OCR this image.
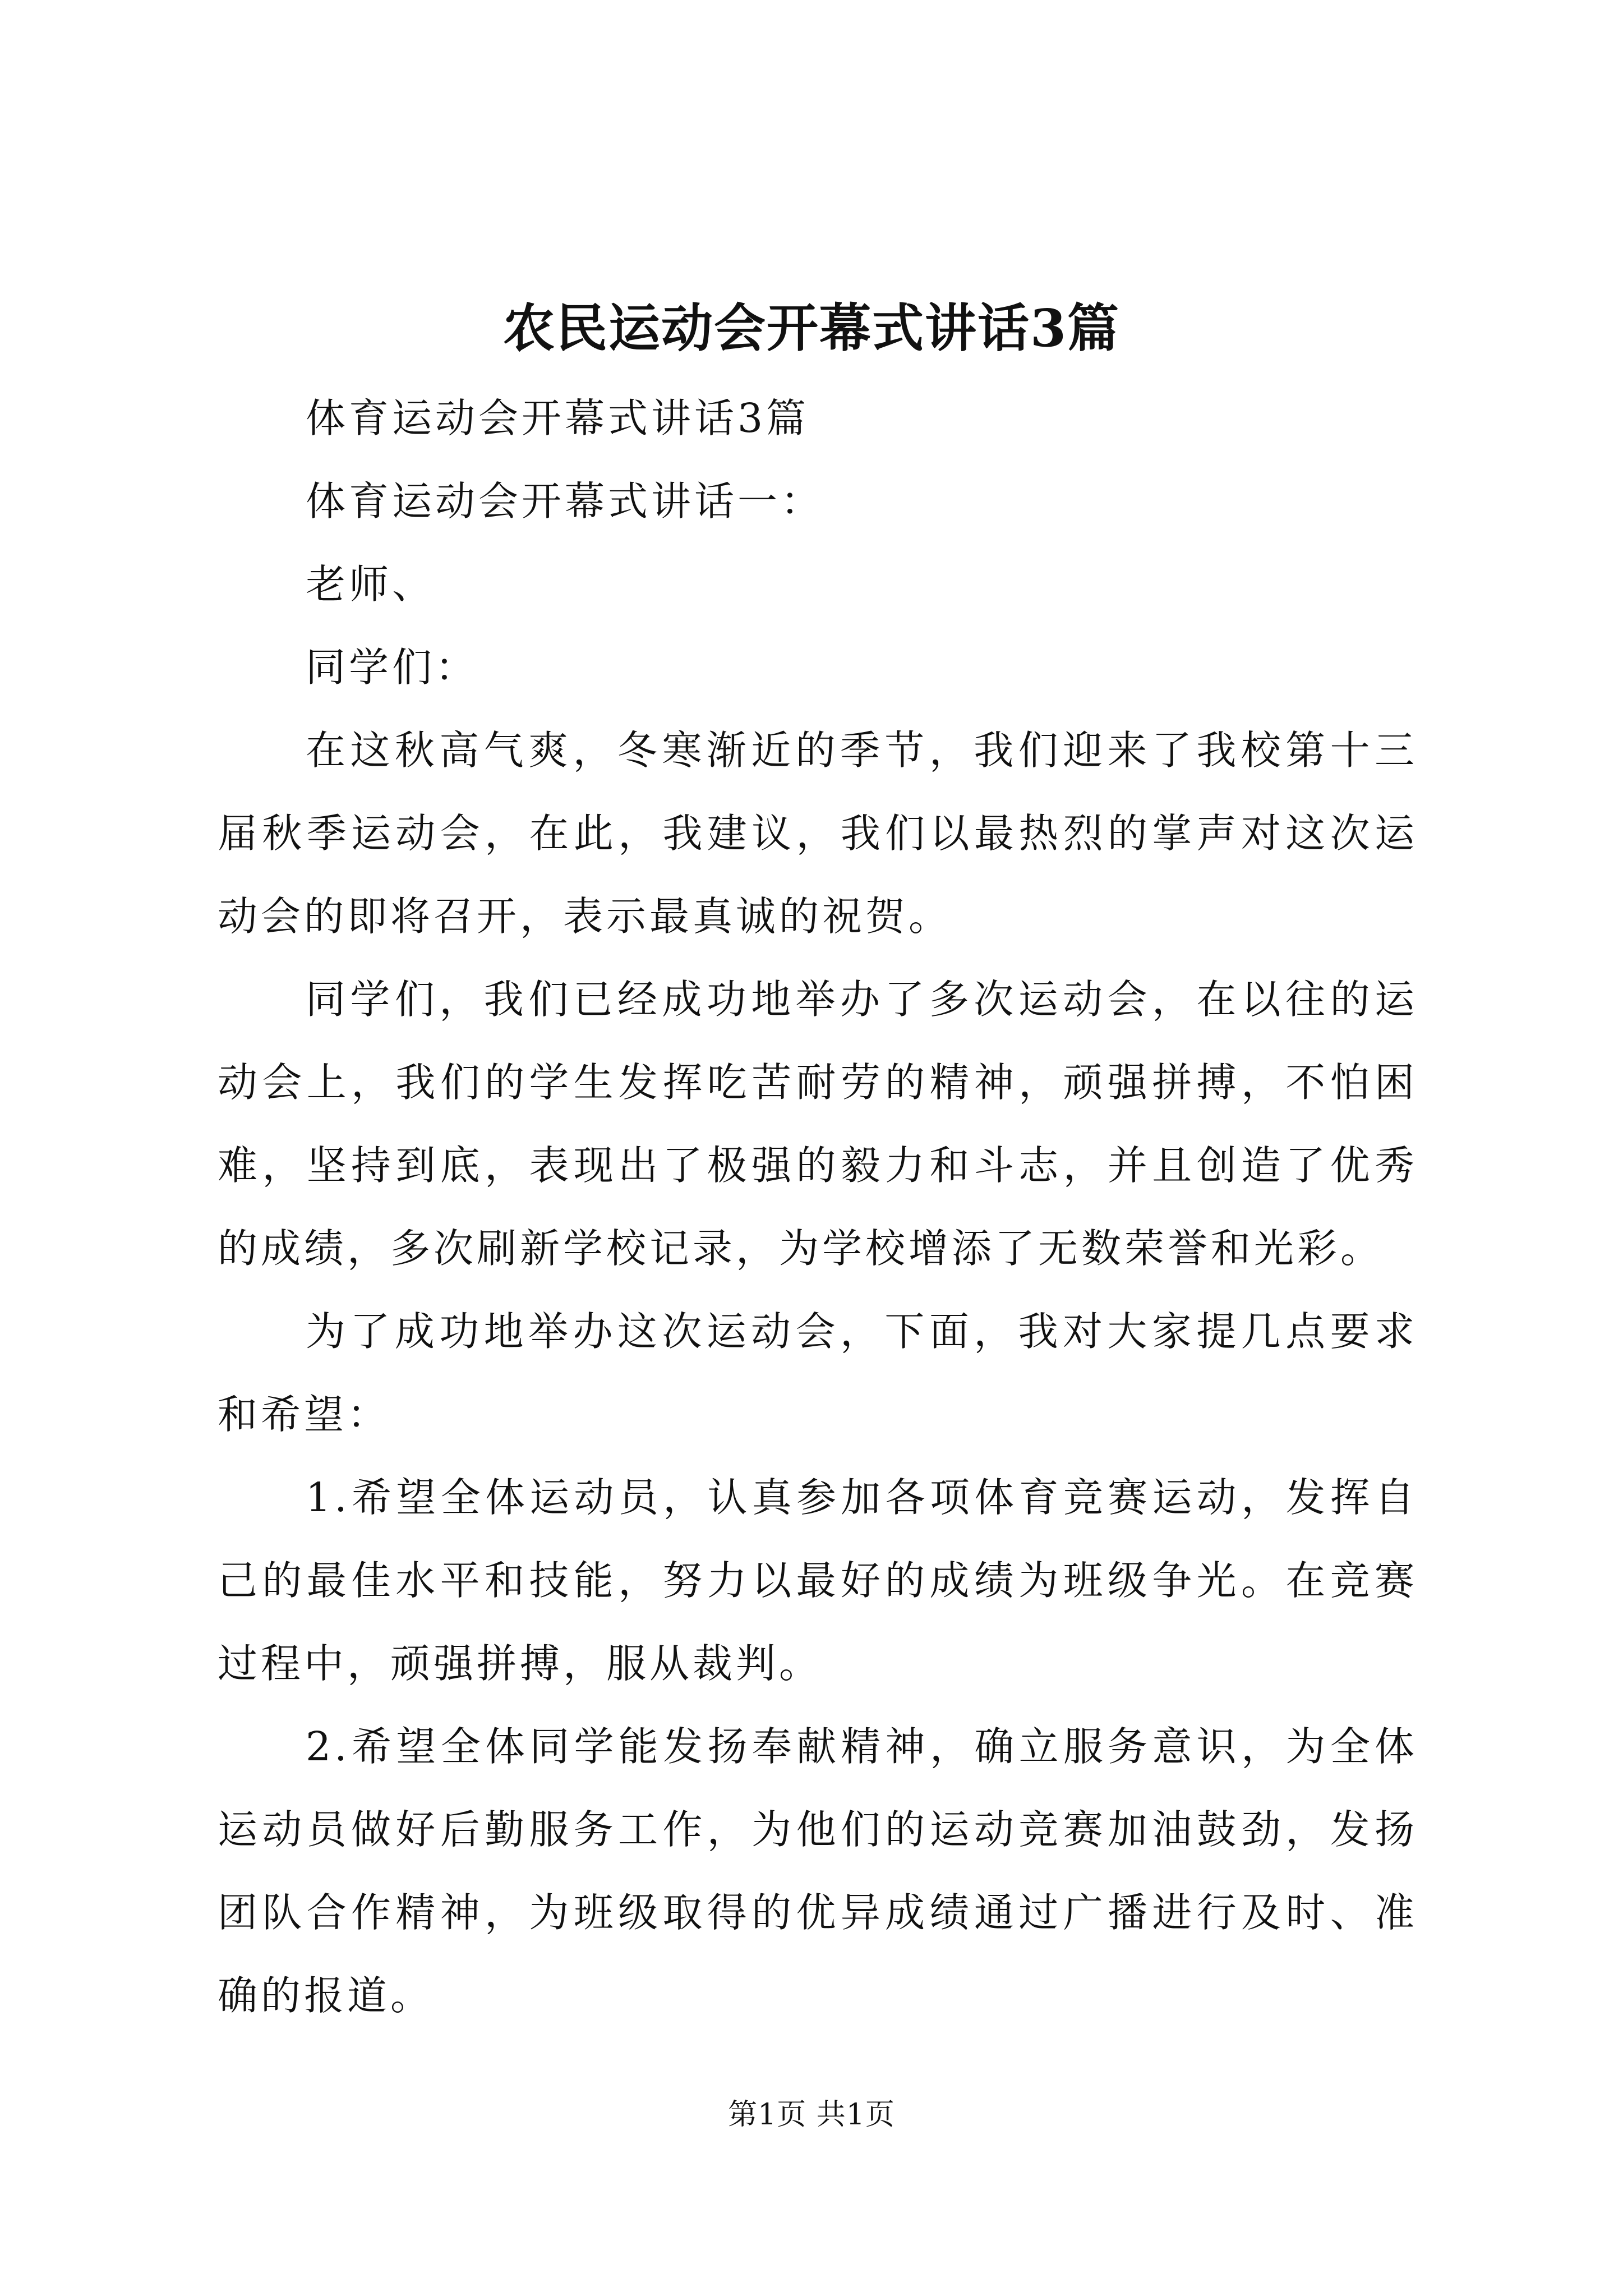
农民运动会开幕式讲话3篇

体育运动会开幕式讲话3篇

体育运动会开幕式讲话一：

老师、

同学们：

在这秋高气爽，冬寒渐近的季节，我们迎来了我校第十三届秋季运动会，在此，我建议，我们以最热烈的掌声对这次运动会的即将召开，表示最真诚的祝贺。

同学们，我们已经成功地举办了多次运动会，在以往的运动会上，我们的学生发挥吃苦耐劳的精神，顽强拼搏，不怕困难，坚持到底，表现出了极强的毅力和斗志，并且创造了优秀的成绩，多次刷新学校记录，为学校增添了无数荣誉和光彩。

为了成功地举办这次运动会，下面，我对大家提几点要求和希望：

1.希望全体运动员，认真参加各项体育竞赛运动，发挥自己的最佳水平和技能，努力以最好的成绩为班级争光。在竞赛过程中，顽强拼搏，服从裁判。

2.希望全体同学能发扬奉献精神，确立服务意识，为全体运动员做好后勤服务工作，为他们的运动竞赛加油鼓劲，发扬团队合作精神，为班级取得的优异成绩通过广播进行及时、准确的报道。

第1页 共1页
